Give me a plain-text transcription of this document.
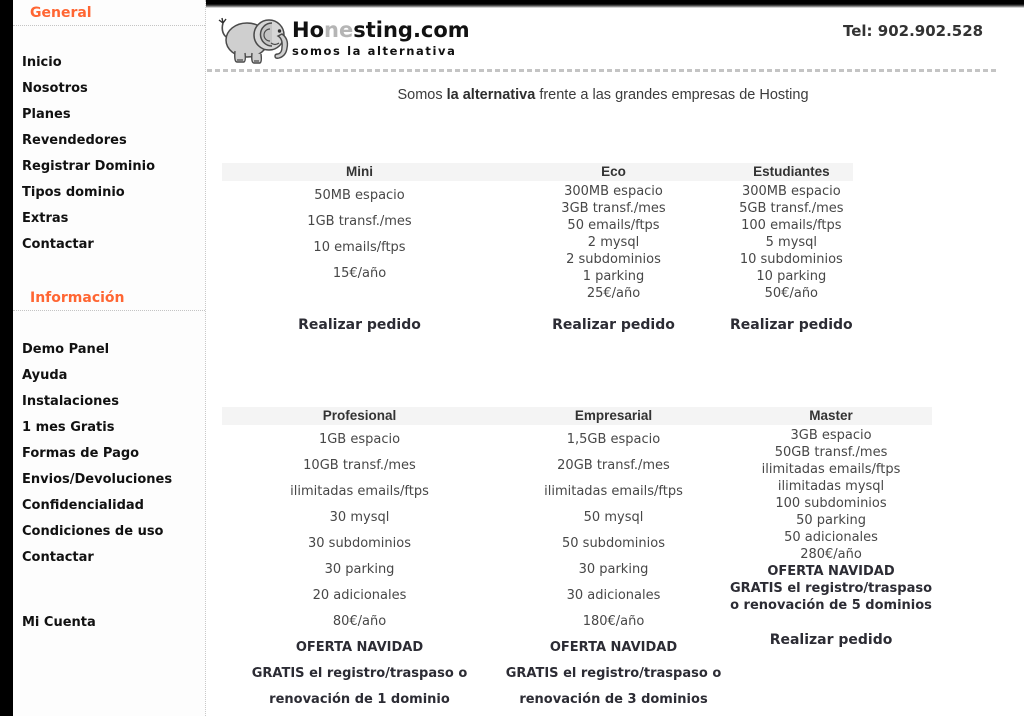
General
Inicio
Nosotros
Planes
Revendedores
Registrar Dominio
Tipos dominio
Extras
Contactar
Información
Demo Panel
Ayuda
Instalaciones
1 mes Gratis
Formas de Pago
Envios/Devoluciones
Confidencialidad
Condiciones de uso
Contactar
Mi Cuenta
Honesting.com
somos la alternativa
Tel: 902.902.528
Somos la alternativa frente a las grandes empresas de Hosting
Mini
50MB espacio
1GB transf./mes
10 emails/ftps
15€/año
Realizar pedido
Eco
300MB espacio
3GB transf./mes
50 emails/ftps
2 mysql
2 subdominios
1 parking
25€/año
Realizar pedido
Estudiantes
300MB espacio
5GB transf./mes
100 emails/ftps
5 mysql
10 subdominios
10 parking
50€/año
Realizar pedido
Profesional
1GB espacio
10GB transf./mes
ilimitadas emails/ftps
30 mysql
30 subdominios
30 parking
20 adicionales
80€/año
OFERTA NAVIDAD
GRATIS el registro/traspaso o
renovación de 1 dominio
Empresarial
1,5GB espacio
20GB transf./mes
ilimitadas emails/ftps
50 mysql
50 subdominios
30 parking
30 adicionales
180€/año
OFERTA NAVIDAD
GRATIS el registro/traspaso o
renovación de 3 dominios
Master
3GB espacio
50GB transf./mes
ilimitadas emails/ftps
ilimitadas mysql
100 subdominios
50 parking
50 adicionales
280€/año
OFERTA NAVIDAD
GRATIS el registro/traspaso
o renovación de 5 dominios
Realizar pedido
